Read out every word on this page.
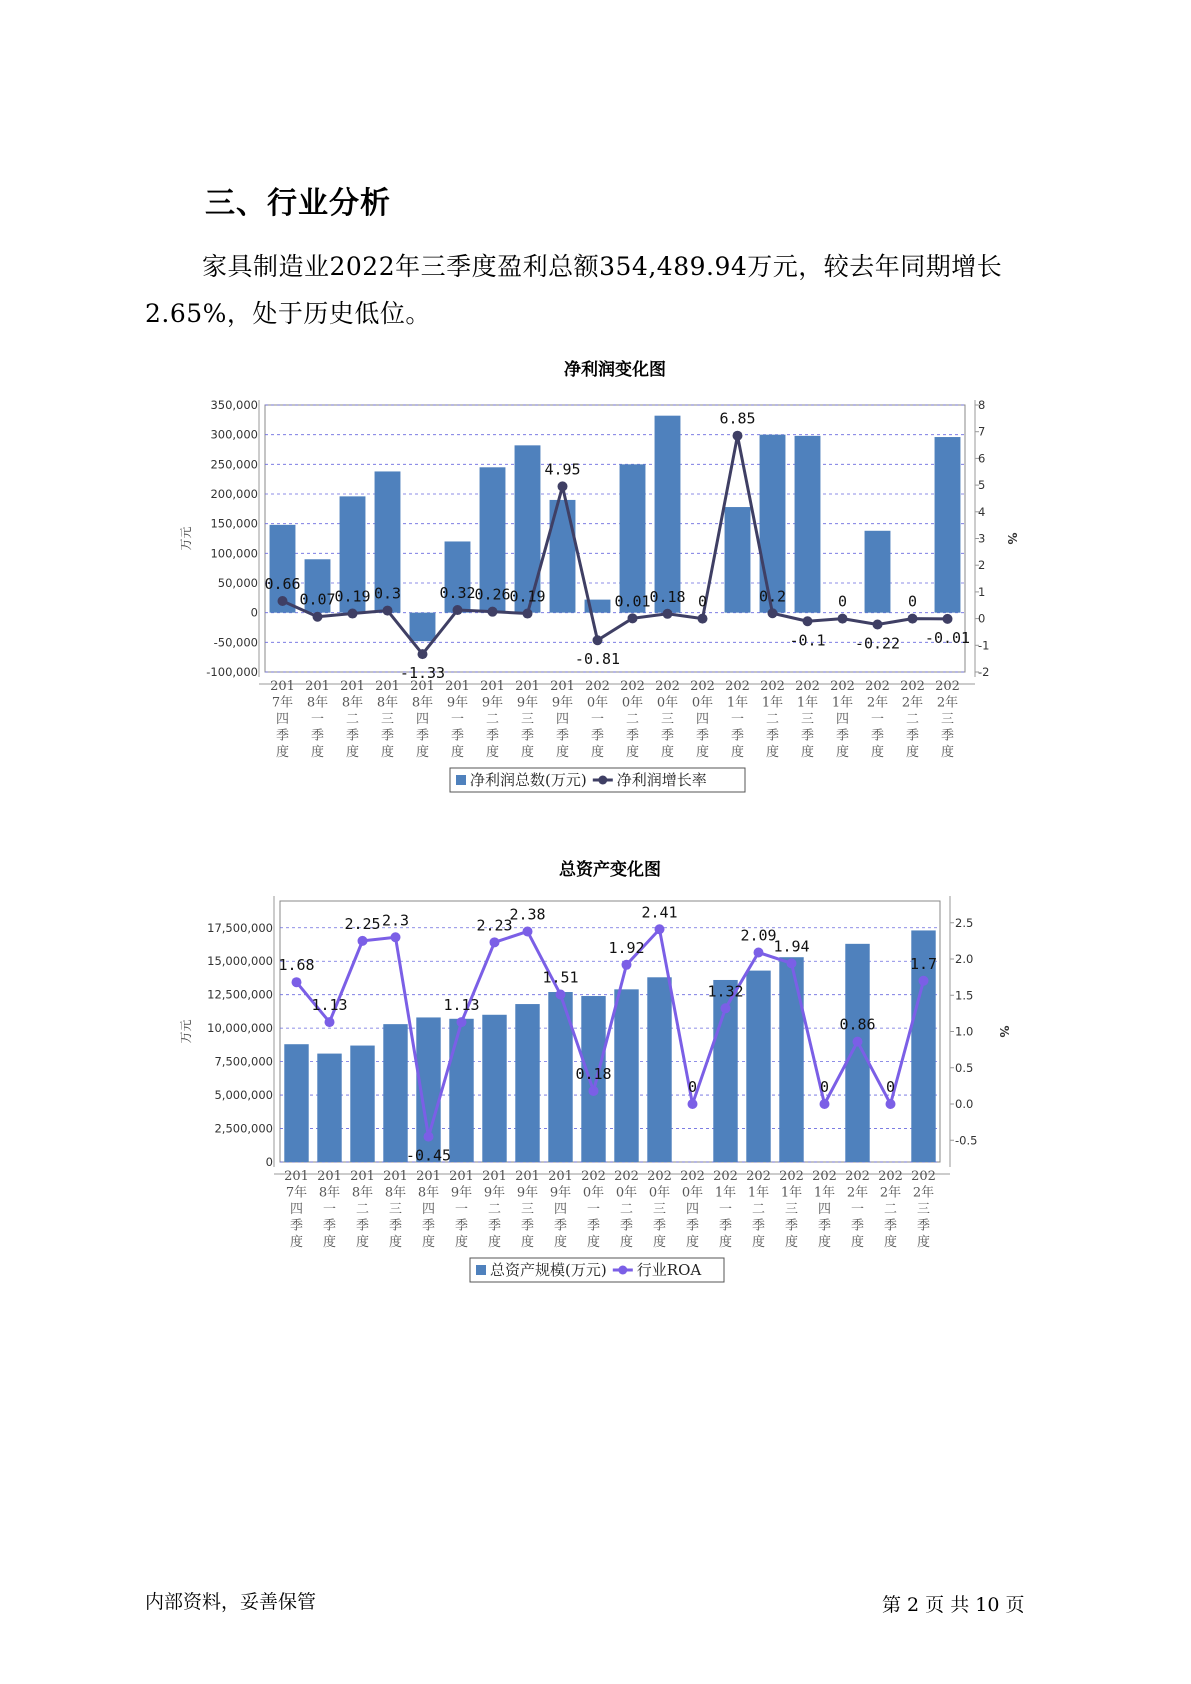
三、行业分析
家具制造业2022年三季度盈利总额354,489.94万元，较去年同期增长2.65%，处于历史低位。
净利润变化图
350,000
300,000
250,000
200,000
150,000
100,000
50,000
0
-50,000
-100,000
8
7
6
5
4
3
2
1
0
-1
-2
万元	%
0.66
0.07
0.19 0.3
-1.33
0.32
0.26
0.19
4.95
-0.81
0.01
0.18 0
6.85
0.2
-0.1
0
-0.22
0
-0.01
201
7年
四
季
度
201
8年
一
季
度
201
8年
二
季
度
201
8年
三
季
度
201
8年
四
季
度
201
9年
一
季
度
201
9年
二
季
度
201
9年
三
季
度
201
9年
四
季
度
202
0年
一
季
度
202
0年
二
季
度
202
0年
三
季
度
202
0年
四
季
度
202
1年
一
季
度
202
1年
二
季
度
202
1年
三
季
度
202
1年
四
季
度
202
2年
一
季
度
202
2年
二
季
度
202
2年
三
季
度
净利润总数(万元) 净利润增长率
总资产变化图
17,500,000
15,000,000
12,500,000
10,000,000
7,500,000
5,000,000
2,500,000
0
2.5
2.0
1.5
1.0
0.5
0.0
-0.5
万元	%
1.68
1.13
2.25 2.3
-0.45
1.13
2.23
2.38
1.51
0.18
1.92
2.41
0
1.32
2.09
1.94
0
0.86
0
1.7
201
7年
四
季
度
201
8年
一
季
度
201
8年
二
季
度
201
8年
三
季
度
201
8年
四
季
度
201
9年
一
季
度
201
9年
二
季
度
201
9年
三
季
度
201
9年
四
季
度
202
0年
一
季
度
202
0年
二
季
度
202
0年
三
季
度
202
0年
四
季
度
202
1年
一
季
度
202
1年
二
季
度
202
1年
三
季
度
202
1年
四
季
度
202
2年
一
季
度
202
2年
二
季
度
202
2年
三
季
度
总资产规模(万元) 行业ROA
内部资料，妥善保管	第 2 页 共 10 页
